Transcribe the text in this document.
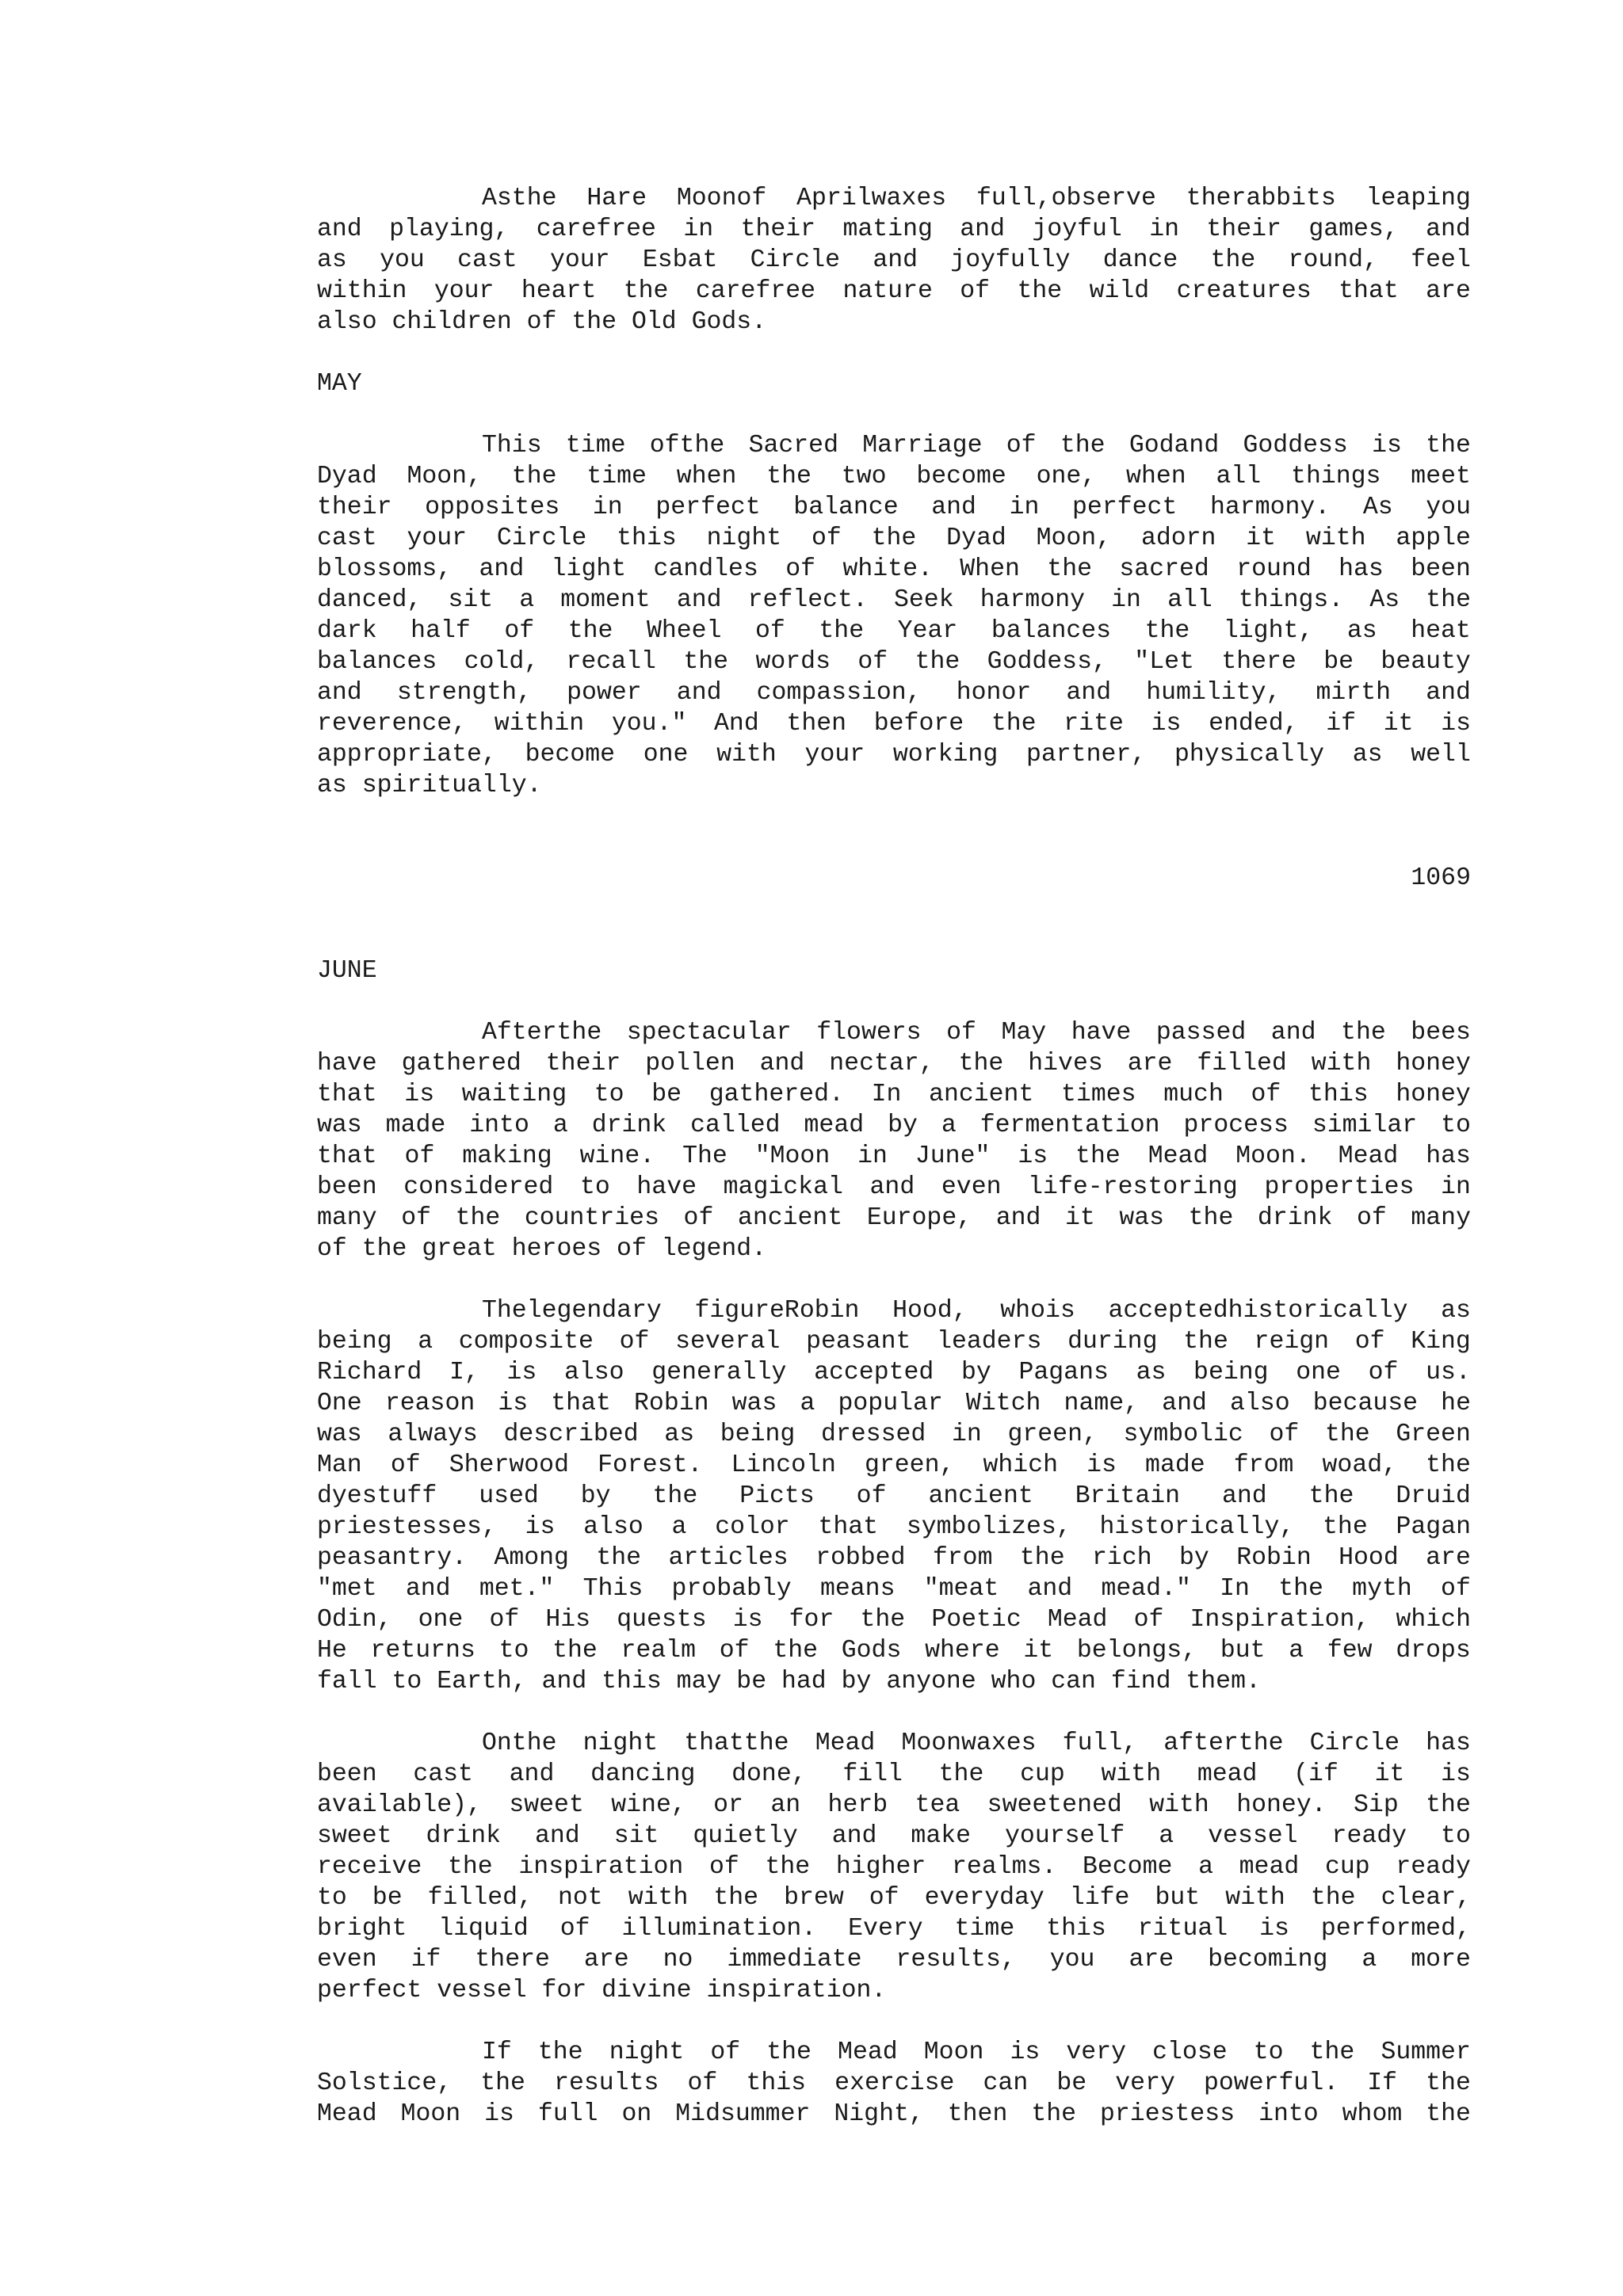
Asthe Hare Moonof Aprilwaxes full,observe therabbits leaping
and playing, carefree in their mating and joyful in their games, and
as you cast your Esbat Circle and joyfully dance the round, feel
within your heart the carefree nature of the wild creatures that are
also children of the Old Gods.
MAY
This time ofthe Sacred Marriage of the Godand Goddess is the
Dyad Moon, the time when the two become one, when all things meet
their opposites in perfect balance and in perfect harmony. As you
cast your Circle this night of the Dyad Moon, adorn it with apple
blossoms, and light candles of white. When the sacred round has been
danced, sit a moment and reflect. Seek harmony in all things. As the
dark half of the Wheel of the Year balances the light, as heat
balances cold, recall the words of the Goddess, "Let there be beauty
and strength, power and compassion, honor and humility, mirth and
reverence, within you." And then before the rite is ended, if it is
appropriate, become one with your working partner, physically as well
as spiritually.
1069
JUNE
Afterthe spectacular flowers of May have passed and the bees
have gathered their pollen and nectar, the hives are filled with honey
that is waiting to be gathered. In ancient times much of this honey
was made into a drink called mead by a fermentation process similar to
that of making wine. The "Moon in June" is the Mead Moon. Mead has
been considered to have magickal and even life-restoring properties in
many of the countries of ancient Europe, and it was the drink of many
of the great heroes of legend.
Thelegendary figureRobin Hood, whois acceptedhistorically as
being a composite of several peasant leaders during the reign of King
Richard I, is also generally accepted by Pagans as being one of us.
One reason is that Robin was a popular Witch name, and also because he
was always described as being dressed in green, symbolic of the Green
Man of Sherwood Forest. Lincoln green, which is made from woad, the
dyestuff used by the Picts of ancient Britain and the Druid
priestesses, is also a color that symbolizes, historically, the Pagan
peasantry. Among the articles robbed from the rich by Robin Hood are
"met and met." This probably means "meat and mead." In the myth of
Odin, one of His quests is for the Poetic Mead of Inspiration, which
He returns to the realm of the Gods where it belongs, but a few drops
fall to Earth, and this may be had by anyone who can find them.
Onthe night thatthe Mead Moonwaxes full, afterthe Circle has
been cast and dancing done, fill the cup with mead (if it is
available), sweet wine, or an herb tea sweetened with honey. Sip the
sweet drink and sit quietly and make yourself a vessel ready to
receive the inspiration of the higher realms. Become a mead cup ready
to be filled, not with the brew of everyday life but with the clear,
bright liquid of illumination. Every time this ritual is performed,
even if there are no immediate results, you are becoming a more
perfect vessel for divine inspiration.
If the night of the Mead Moon is very close to the Summer
Solstice, the results of this exercise can be very powerful. If the
Mead Moon is full on Midsummer Night, then the priestess into whom the
